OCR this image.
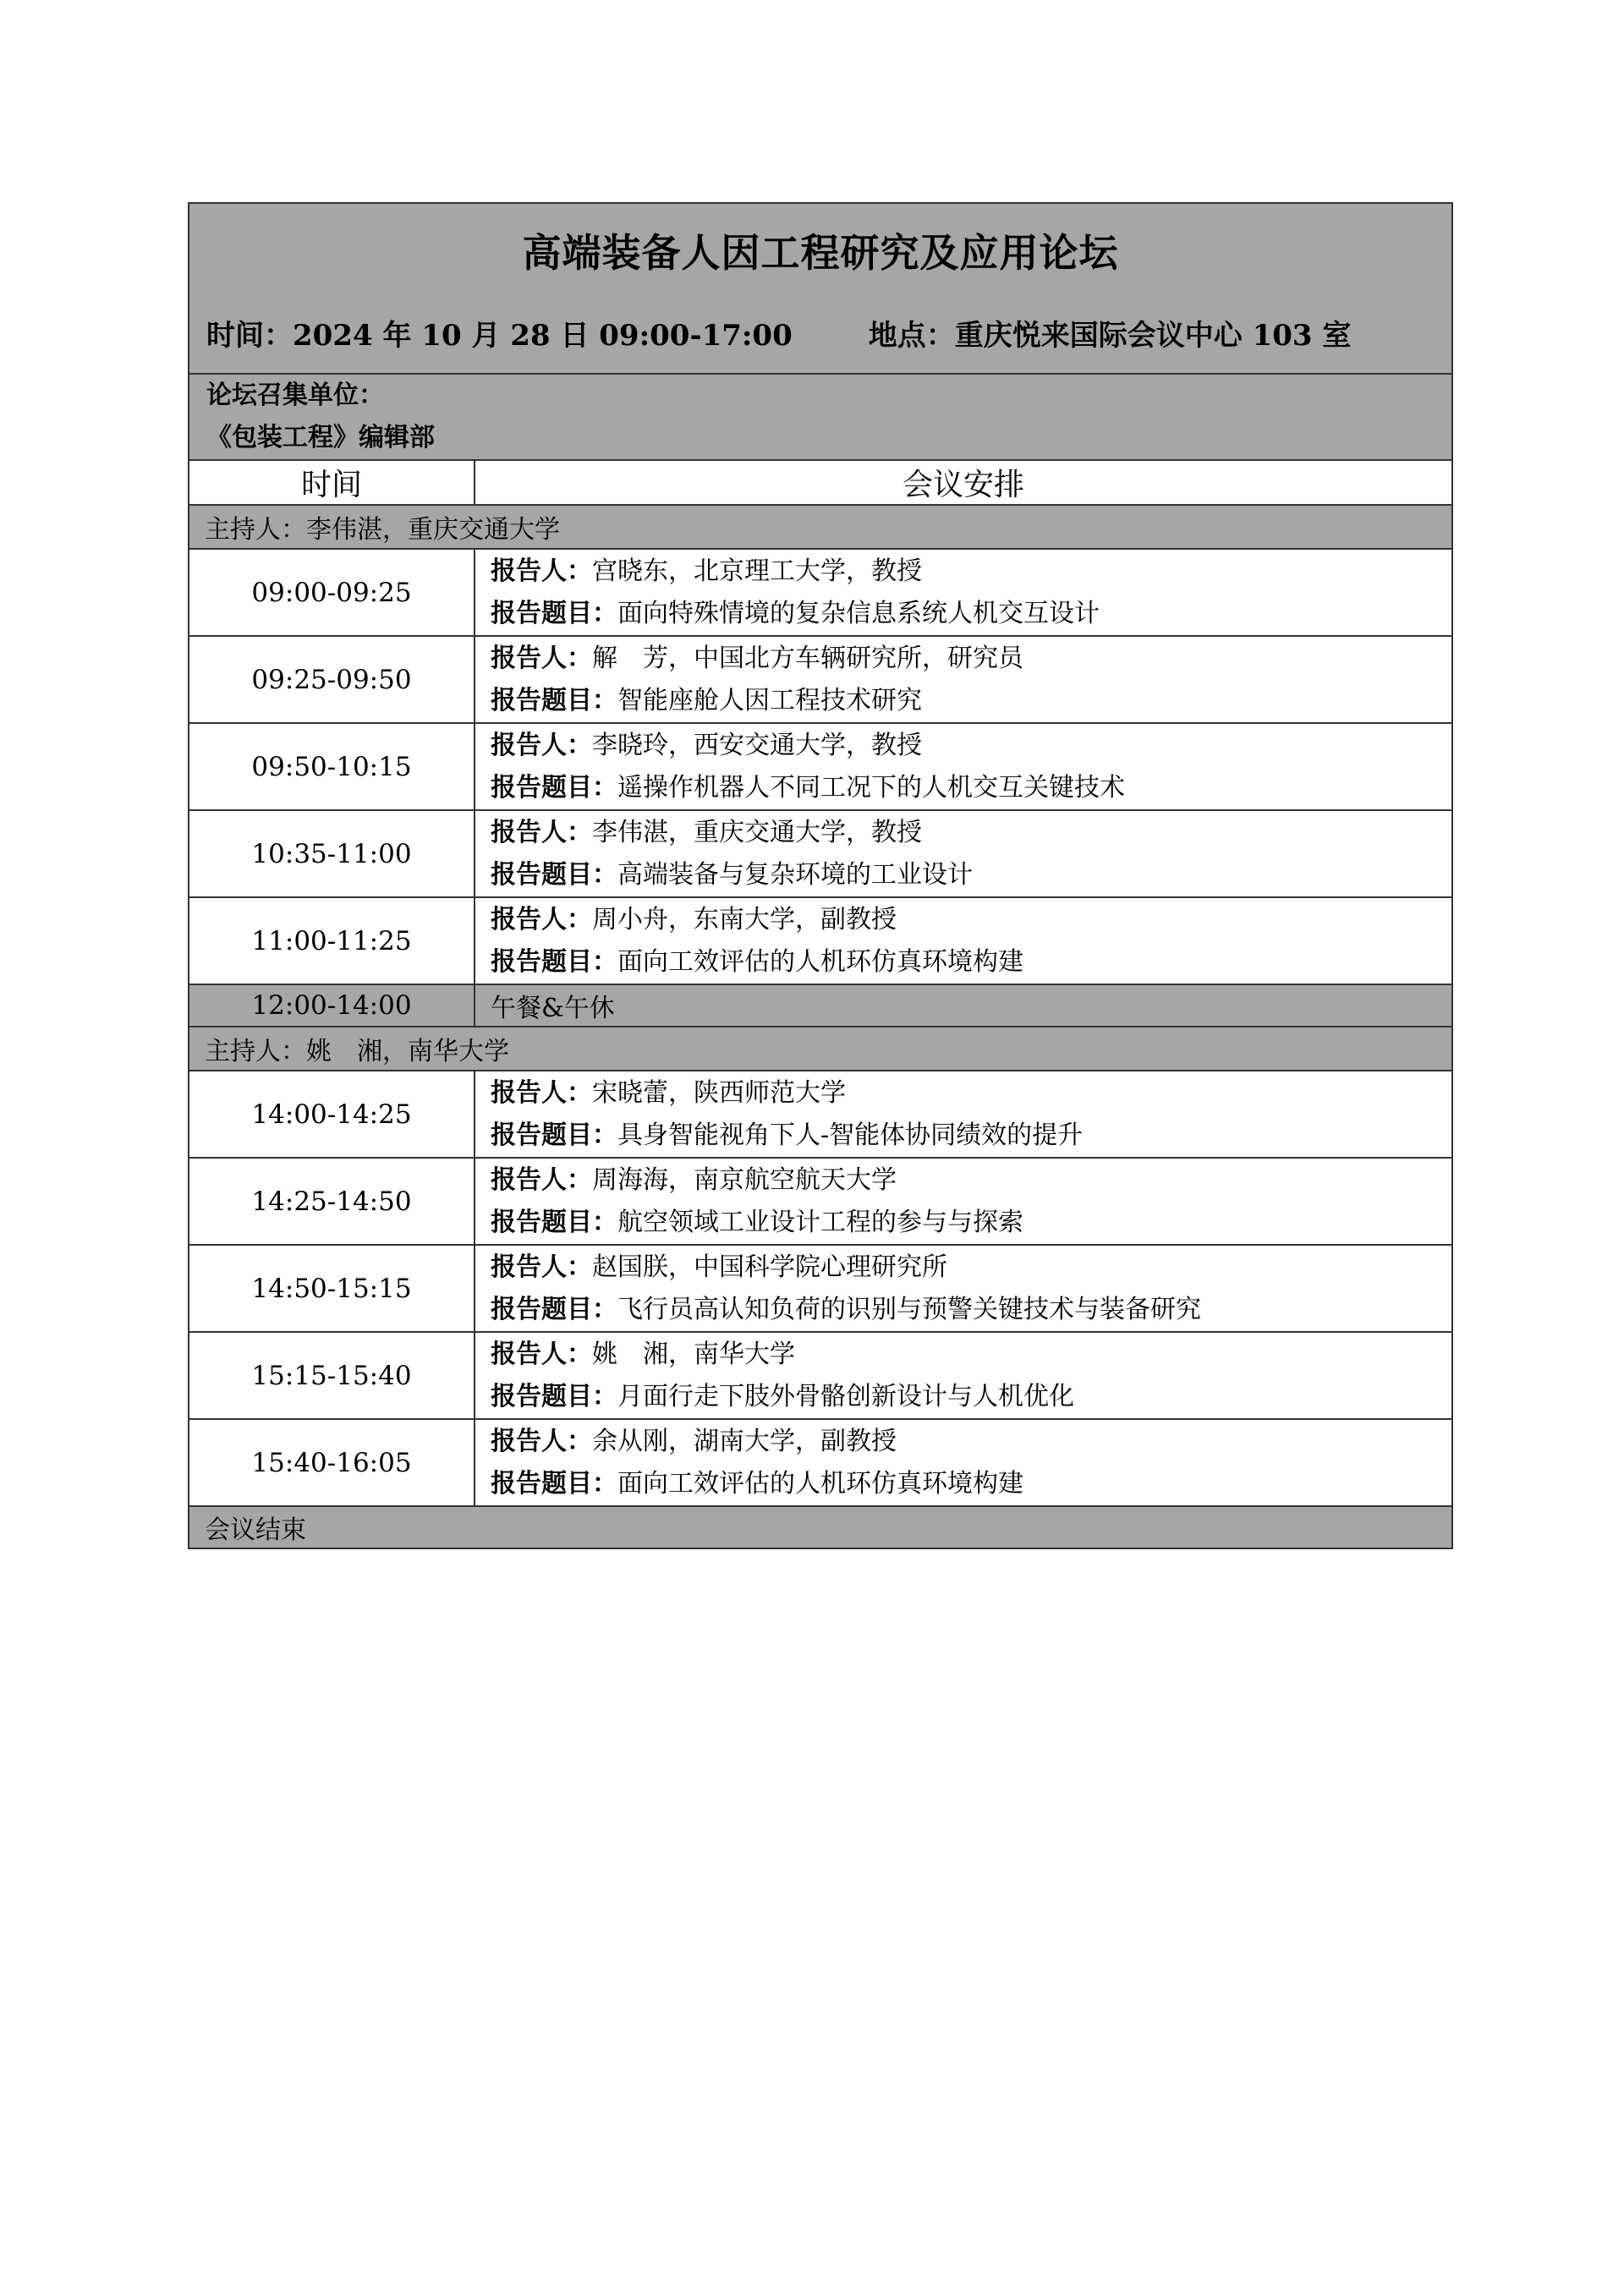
高端装备人因工程研究及应用论坛
时间：2024 年 10 月 28 日 09:00-17:00 地点：重庆悦来国际会议中心 103 室	

论坛召集单位：
《包装工程》编辑部	

时间	会议安排
主持人：李伟湛，重庆交通大学	
09:00-09:25	报告人：宫晓东，北京理工大学，教授
报告题目：面向特殊情境的复杂信息系统人机交互设计

09:25-09:50	报告人：解　芳，中国北方车辆研究所，研究员
报告题目：智能座舱人因工程技术研究

09:50-10:15	报告人：李晓玲，西安交通大学，教授
报告题目：遥操作机器人不同工况下的人机交互关键技术

10:35-11:00	报告人：李伟湛，重庆交通大学，教授
报告题目：高端装备与复杂环境的工业设计

11:00-11:25	报告人：周小舟，东南大学，副教授
报告题目：面向工效评估的人机环仿真环境构建

12:00-14:00	午餐&午休
主持人：姚　湘，南华大学	
14:00-14:25	报告人：宋晓蕾，陕西师范大学
报告题目：具身智能视角下人-智能体协同绩效的提升

14:25-14:50	报告人：周海海，南京航空航天大学
报告题目：航空领域工业设计工程的参与与探索

14:50-15:15	报告人：赵国朕，中国科学院心理研究所
报告题目：飞行员高认知负荷的识别与预警关键技术与装备研究

15:15-15:40	报告人：姚　湘，南华大学
报告题目：月面行走下肢外骨骼创新设计与人机优化

15:40-16:05	报告人：余从刚，湖南大学，副教授
报告题目：面向工效评估的人机环仿真环境构建

会议结束	
